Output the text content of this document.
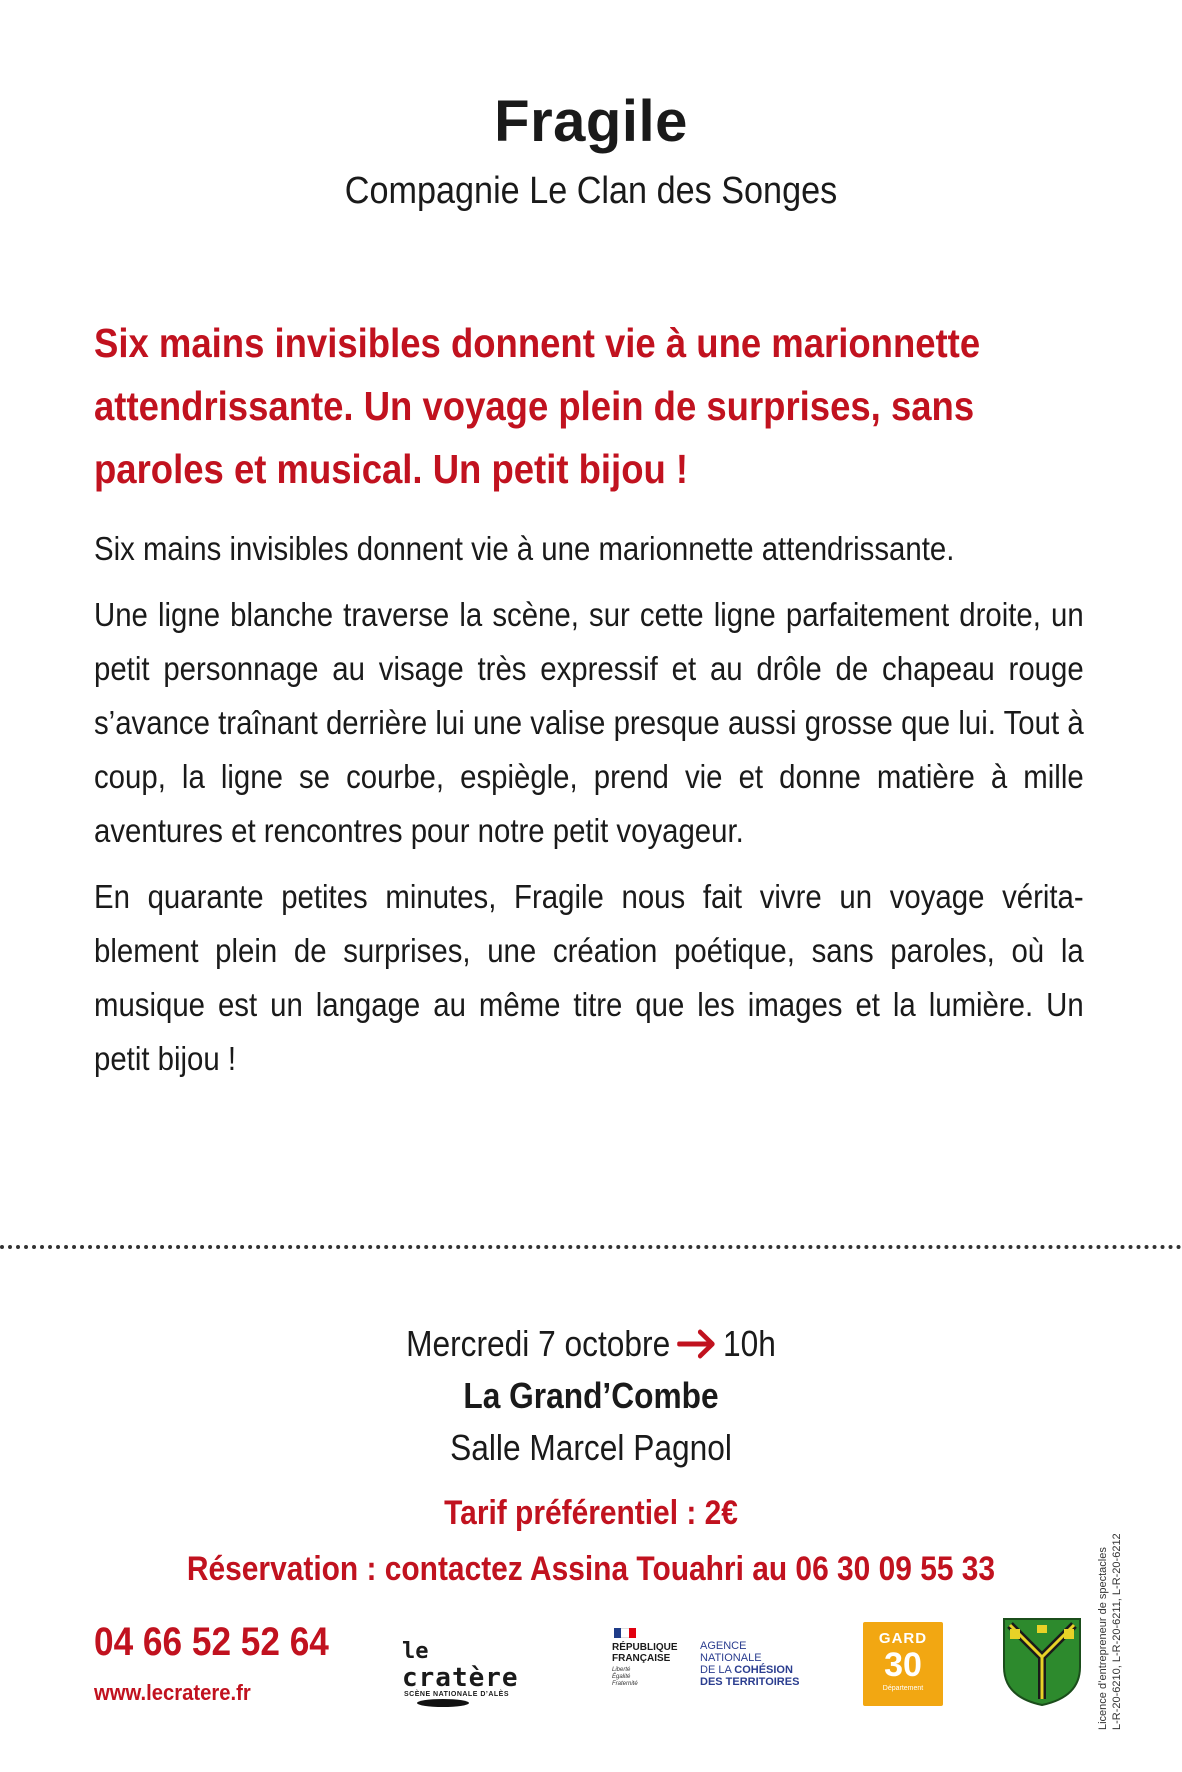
Fragile
Compagnie Le Clan des Songes
Six mains invisibles donnent vie à une marionnette attendrissante. Un voyage plein de surprises, sans paroles et musical. Un petit bijou !

Six mains invisibles donnent vie à une marionnette attendrissante.

Une ligne blanche traverse la scène, sur cette ligne parfaitement droite, un petit personnage au visage très expressif et au drôle de chapeau rouge s’avance traînant derrière lui une valise presque aussi grosse que lui. Tout à coup, la ligne se courbe, espiègle, prend vie et donne matière à mille aventures et rencontres pour notre petit voyageur.

En quarante petites minutes, Fragile nous fait vivre un voyage vérita-blement plein de surprises, une création poétique, sans paroles, où la musique est un langage au même titre que les images et la lumière. Un petit bijou !

Mercredi 7 octobre 10h
La Grand’Combe
Salle Marcel Pagnol
Tarif préférentiel : 2€
Réservation : contactez Assina Touahri au 06 30 09 55 33
04 66 52 52 64
www.lecratere.fr
le
cratère
SCÈNE NATIONALE D’ALÈS
RÉPUBLIQUE
FRANÇAISE
Liberté
Égalité
Fraternité
AGENCE
NATIONALE
DE LA COHÉSION
DES TERRITOIRES
GARD
30
Département	Licence d’entrepreneur de spectacles L-R-20-6210, L-R-20-6211, L-R-20-6212
